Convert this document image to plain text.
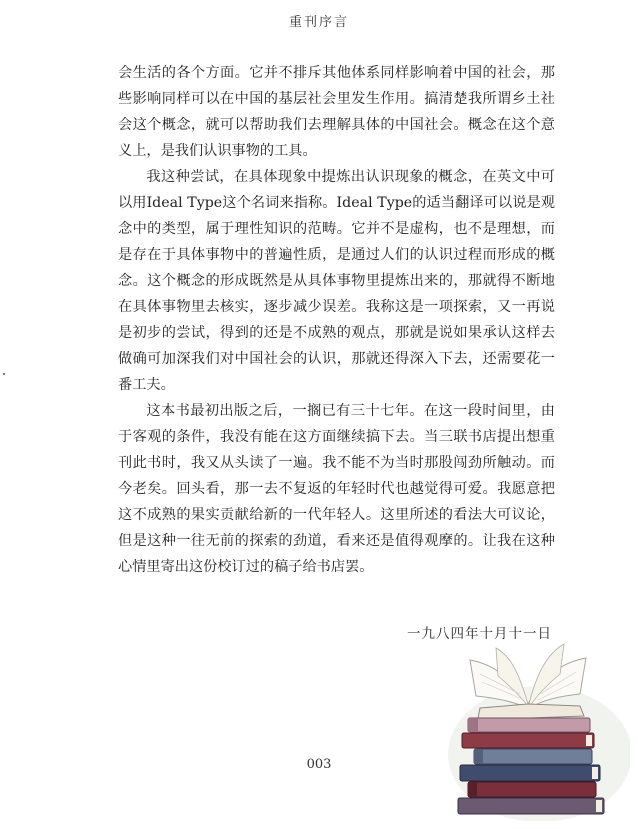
重刊序言

会生活的各个方面。它并不排斥其他体系同样影响着中国的社会，那些影响同样可以在中国的基层社会里发生作用。搞清楚我所谓乡土社会这个概念，就可以帮助我们去理解具体的中国社会。概念在这个意义上，是我们认识事物的工具。

我这种尝试，在具体现象中提炼出认识现象的概念，在英文中可以用Ideal Type这个名词来指称。Ideal Type的适当翻译可以说是观念中的类型，属于理性知识的范畴。它并不是虚构，也不是理想，而是存在于具体事物中的普遍性质，是通过人们的认识过程而形成的概念。这个概念的形成既然是从具体事物里提炼出来的，那就得不断地在具体事物里去核实，逐步减少误差。我称这是一项探索，又一再说是初步的尝试，得到的还是不成熟的观点，那就是说如果承认这样去做确可加深我们对中国社会的认识，那就还得深入下去，还需要花一番工夫。

这本书最初出版之后，一搁已有三十七年。在这一段时间里，由于客观的条件，我没有能在这方面继续搞下去。当三联书店提出想重刊此书时，我又从头读了一遍。我不能不为当时那股闯劲所触动。而今老矣。回头看，那一去不复返的年轻时代也越觉得可爱。我愿意把这不成熟的果实贡献给新的一代年轻人。这里所述的看法大可议论，但是这种一往无前的探索的劲道，看来还是值得观摩的。让我在这种心情里寄出这份校订过的稿子给书店罢。

一九八四年十月十一日
003
